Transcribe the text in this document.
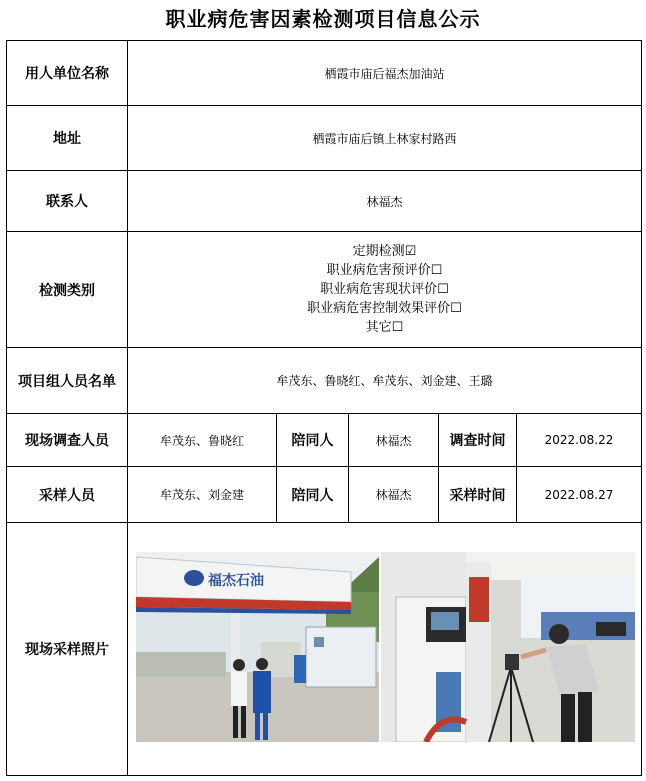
职业病危害因素检测项目信息公示
用人单位名称	栖霞市庙后福杰加油站				
地址	栖霞市庙后镇上林家村路西				
联系人	林福杰				
检测类别	定期检测☑
职业病危害预评价☐
职业病危害现状评价☐
职业病危害控制效果评价☐
其它☐				

项目组人员名单	牟茂东、鲁晓红、牟茂东、刘金建、王璐				
现场调查人员	牟茂东、鲁晓红	陪同人	林福杰	调查时间	2022.08.22
采样人员	牟茂东、刘金建	陪同人	林福杰	采样时间	2022.08.27
现场采样照片	福杰石油				
